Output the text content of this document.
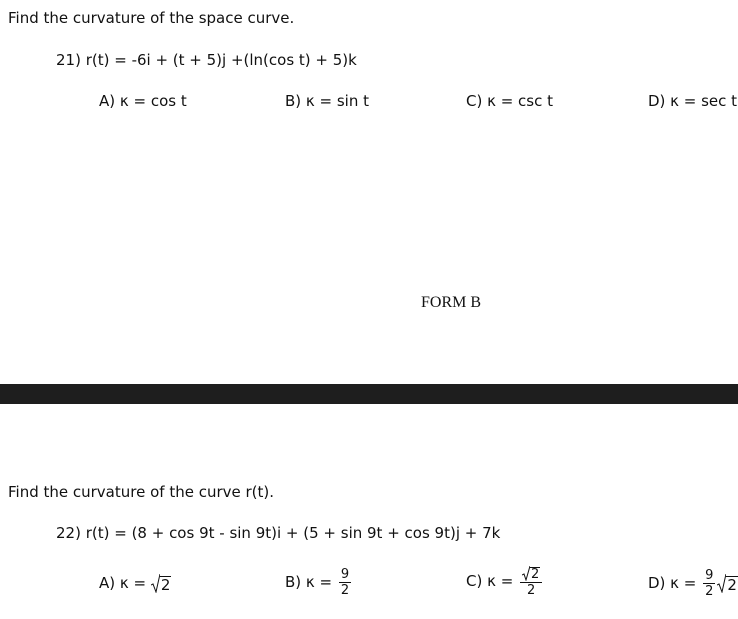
Find the curvature of the space curve.
21) r(t) = -6i + (t + 5)j +(ln(cos t) + 5)k
A) κ = cos t	B) κ = sin t	C) κ = csc t	D) κ = sec t
FORM B
Find the curvature of the curve r(t).
22) r(t) = (8 + cos 9t - sin 9t)i + (5 + sin 9t + cos 9t)j + 7k
A) κ = 2	B) $\kappa = \frac{9}{2}$	C) $\kappa = \frac{2}{2}$	D) $\kappa = \frac{9}{2} 2$
